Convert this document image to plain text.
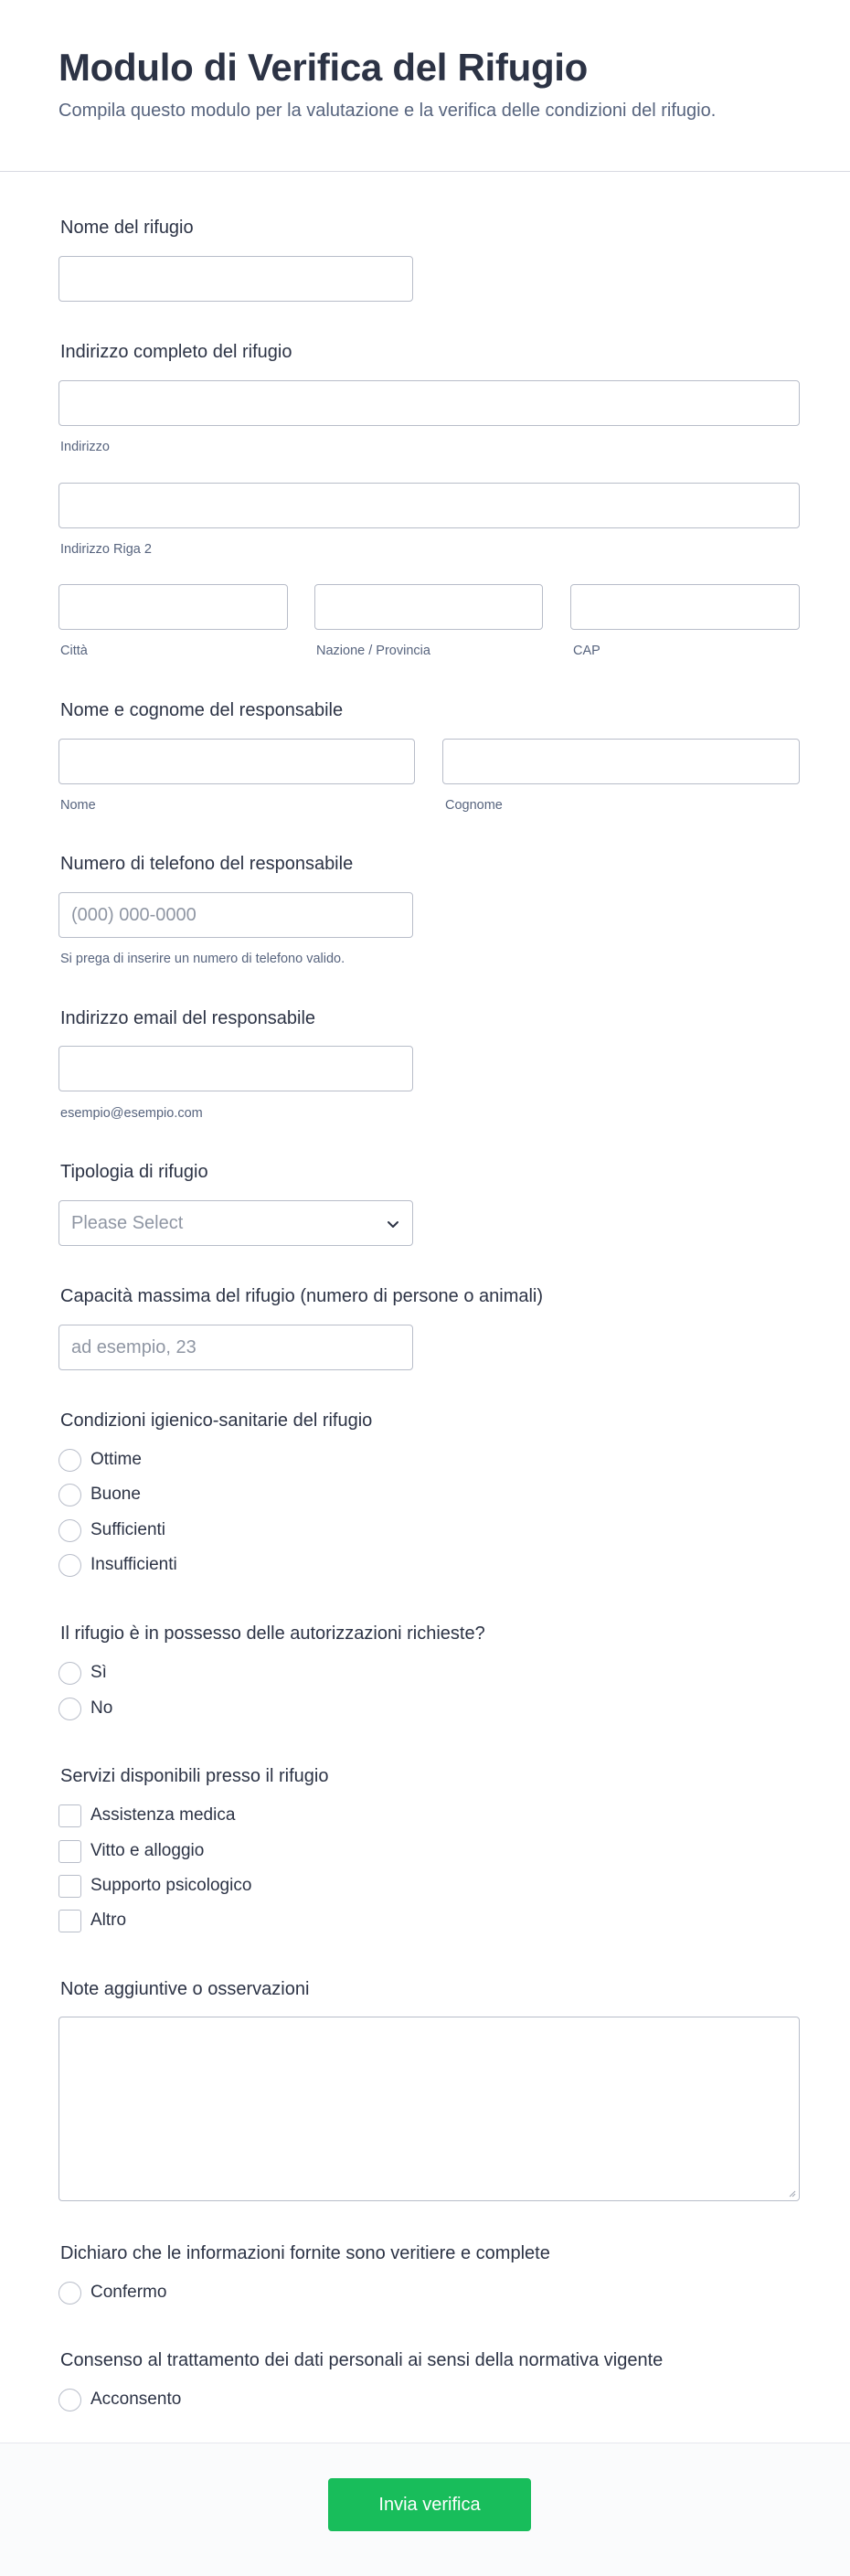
Modulo di Verifica del Rifugio
Compila questo modulo per la valutazione e la verifica delle condizioni del rifugio.
Nome del rifugio
Indirizzo completo del rifugio
Indirizzo
Indirizzo Riga 2
Città	Nazione / Provincia	CAP
Nome e cognome del responsabile
Nome	Cognome
Numero di telefono del responsabile
(000) 000-0000
Si prega di inserire un numero di telefono valido.
Indirizzo email del responsabile
esempio@esempio.com
Tipologia di rifugio
Please Select
Capacità massima del rifugio (numero di persone o animali)
ad esempio, 23
Condizioni igienico-sanitarie del rifugio
Ottime
Buone
Sufficienti
Insufficienti
Il rifugio è in possesso delle autorizzazioni richieste?
Sì
No
Servizi disponibili presso il rifugio
Assistenza medica
Vitto e alloggio
Supporto psicologico
Altro
Note aggiuntive o osservazioni
Dichiaro che le informazioni fornite sono veritiere e complete
Confermo
Consenso al trattamento dei dati personali ai sensi della normativa vigente
Acconsento
Invia verifica
